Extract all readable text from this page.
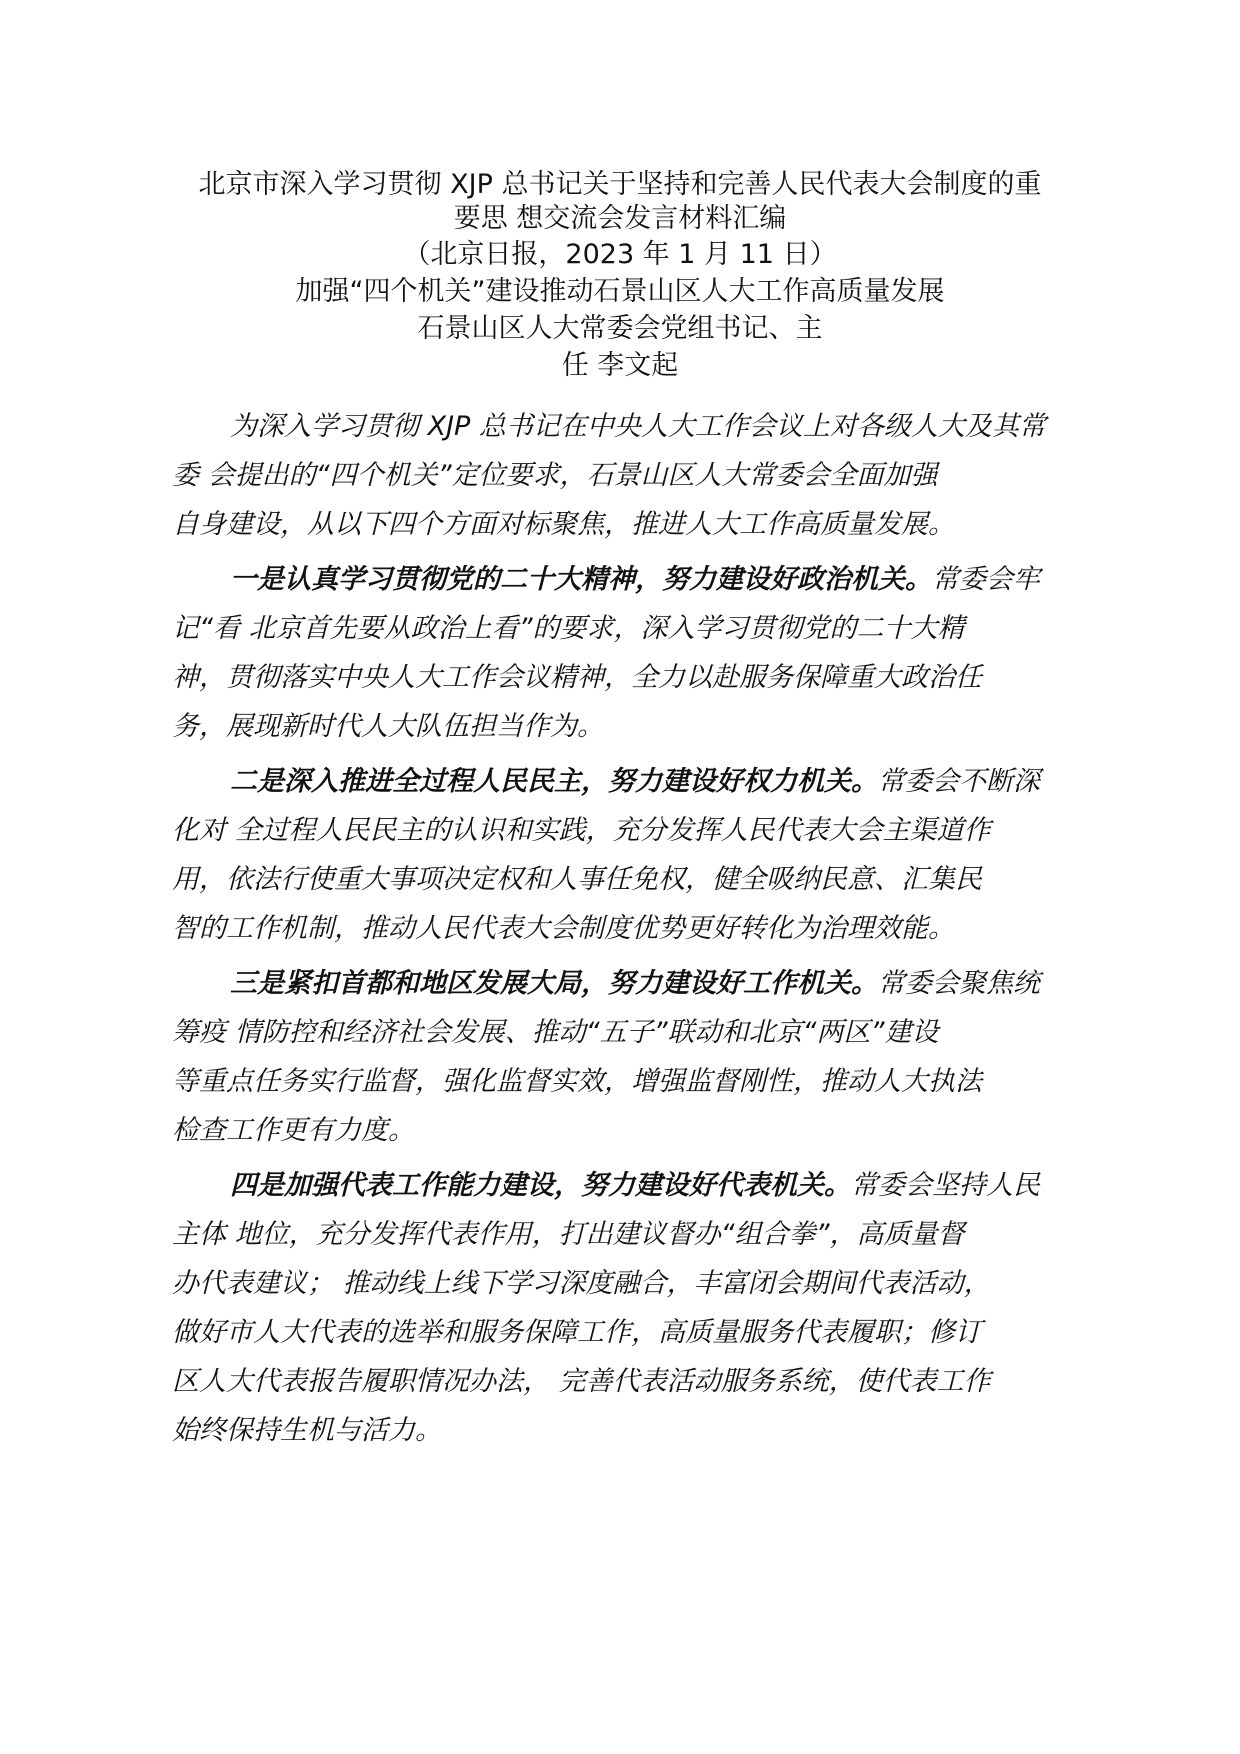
北京市深入学习贯彻 XJP 总书记关于坚持和完善人民代表大会制度的重
要思 想交流会发言材料汇编

（北京日报，2023 年 1 月 11 日）

加强“四个机关”建设推动石景山区人大工作高质量发展

石景山区人大常委会党组书记、主

任 李文起

为深入学习贯彻 XJP 总书记在中央人大工作会议上对各级人大及其常
委 会提出的“四个机关”定位要求，石景山区人大常委会全面加强
自身建设，从以下四个方面对标聚焦，推进人大工作高质量发展。
一是认真学习贯彻党的二十大精神，努力建设好政治机关。常委会牢
记“看 北京首先要从政治上看”的要求，深入学习贯彻党的二十大精
神，贯彻落实中央人大工作会议精神，全力以赴服务保障重大政治任
务，展现新时代人大队伍担当作为。
二是深入推进全过程人民民主，努力建设好权力机关。常委会不断深
化对 全过程人民民主的认识和实践，充分发挥人民代表大会主渠道作
用，依法行使重大事项决定权和人事任免权，健全吸纳民意、汇集民
智的工作机制，推动人民代表大会制度优势更好转化为治理效能。
三是紧扣首都和地区发展大局，努力建设好工作机关。常委会聚焦统
筹疫 情防控和经济社会发展、推动“五子”联动和北京“两区”建设
等重点任务实行监督，强化监督实效，增强监督刚性，推动人大执法
检查工作更有力度。
四是加强代表工作能力建设，努力建设好代表机关。常委会坚持人民
主体 地位，充分发挥代表作用，打出建议督办“组合拳”，高质量督
办代表建议； 推动线上线下学习深度融合，丰富闭会期间代表活动，
做好市人大代表的选举和服务保障工作，高质量服务代表履职；修订
区人大代表报告履职情况办法， 完善代表活动服务系统，使代表工作
始终保持生机与活力。
